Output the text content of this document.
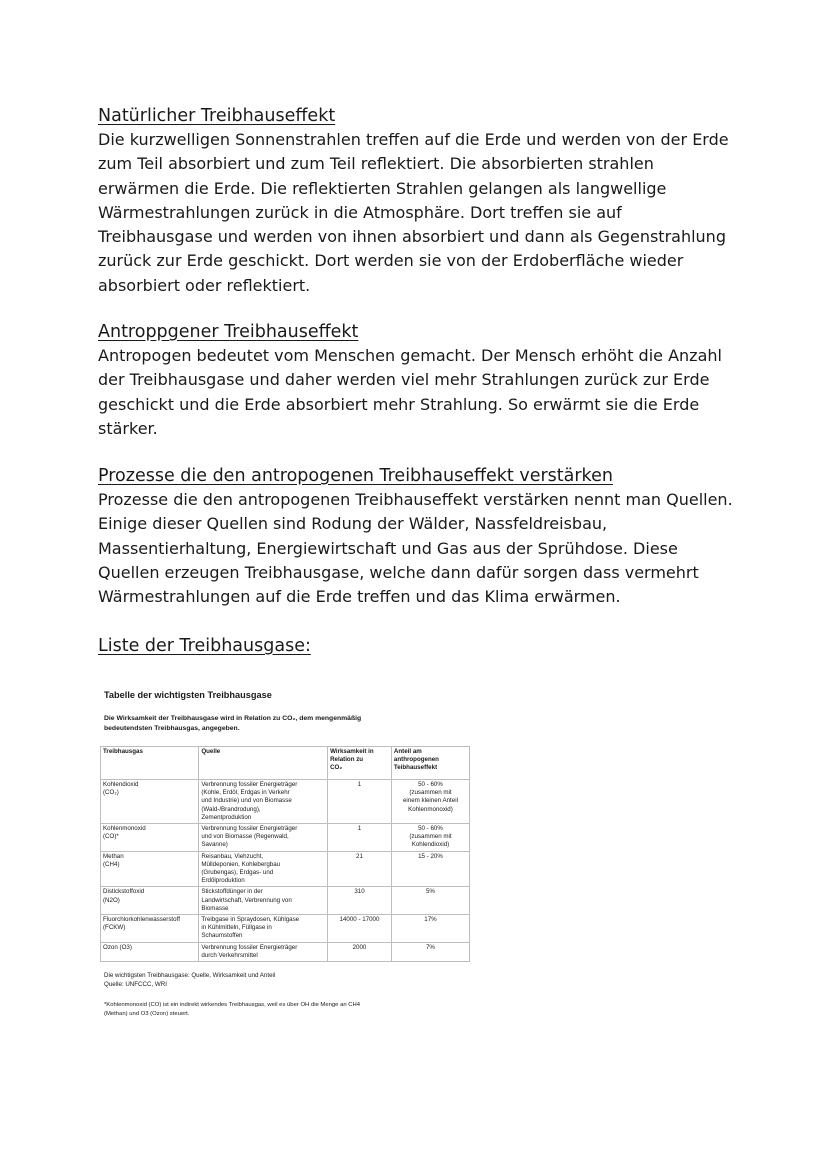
Natürlicher Treibhauseffekt

Die kurzwelligen Sonnenstrahlen treffen auf die Erde und werden von der Erde
zum Teil absorbiert und zum Teil reflektiert. Die absorbierten strahlen
erwärmen die Erde. Die reflektierten Strahlen gelangen als langwellige
Wärmestrahlungen zurück in die Atmosphäre. Dort treffen sie auf
Treibhausgase und werden von ihnen absorbiert und dann als Gegenstrahlung
zurück zur Erde geschickt. Dort werden sie von der Erdoberfläche wieder
absorbiert oder reflektiert.

Antroppgener Treibhauseffekt

Antropogen bedeutet vom Menschen gemacht. Der Mensch erhöht die Anzahl
der Treibhausgase und daher werden viel mehr Strahlungen zurück zur Erde
geschickt und die Erde absorbiert mehr Strahlung. So erwärmt sie die Erde
stärker.

Prozesse die den antropogenen Treibhauseffekt verstärken

Prozesse die den antropogenen Treibhauseffekt verstärken nennt man Quellen.
Einige dieser Quellen sind Rodung der Wälder, Nassfeldreisbau,
Massentierhaltung, Energiewirtschaft und Gas aus der Sprühdose. Diese
Quellen erzeugen Treibhausgase, welche dann dafür sorgen dass vermehrt
Wärmestrahlungen auf die Erde treffen und das Klima erwärmen.

Liste der Treibhausgase:

Tabelle der wichtigsten Treibhausgase

Die Wirksamkeit der Treibhausgase wird in Relation zu CO₂, dem mengenmäßig
bedeutendsten Treibhausgas, angegeben.

Treibhausgas	Quelle	Wirksamkeit in
Relation zu
CO₂	Anteil am
anthropogenen
Teibhauseffekt
Kohlendioxid
(CO₂)	Verbrennung fossiler Energieträger
(Kohle, Erdöl, Erdgas in Verkehr
und Industrie) und von Biomasse
(Wald-/Brandrodung),
Zementproduktion	1	50 - 60%
(zusammen mit
einem kleinen Anteil
Kohlenmonoxid)
Kohlenmonoxid
(CO)*	Verbrennung fossiler Energieträger
und von Biomasse (Regenwald,
Savanne)	1	50 - 60%
(zusammen mit
Kohlendioxid)
Methan
(CH4)	Reisanbau, Viehzucht,
Mülldeponien, Kohlebergbau
(Grubengas), Erdgas- und
Erdölproduktion	21	15 - 20%
Distickstoffoxid
(N2O)	Stickstoffdünger in der
Landwirtschaft, Verbrennung von
Biomasse	310	5%
Fluorchlorkohlenwasserstoff
(FCKW)	Treibgase in Spraydosen, Kühlgase
in Kühlmitteln, Füllgase in
Schaumstoffen	14000 - 17000	17%
Ozon (O3)	Verbrennung fossiler Energieträger
durch Verkehrsmittel	2000	7%

Die wichtigsten Treibhausgase: Quelle, Wirksamkeit und Anteil
Quelle: UNFCCC, WRI

*Kohlenmonoxid (CO) ist ein indirekt wirkendes Treibhausgas, weil es über OH die Menge an CH4
(Methan) und O3 (Ozon) steuert.
